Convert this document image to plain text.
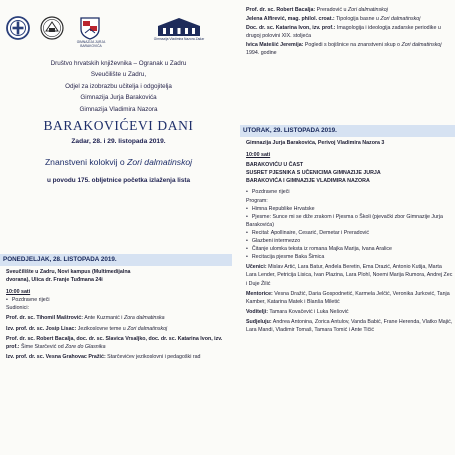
GIMNAZIJA JURJA BARAKOVIĆA
Gimnazija Vladimira Nazora Zadar
Društvo hrvatskih književnika – Ogranak u Zadru
Sveučilište u Zadru,
Odjel za izobrazbu učitelja i odgojitelja
Gimnazija Jurja Barakovića
Gimnazija Vladimira Nazora
BARAKOVIĆEVI DANI
Zadar, 28. i 29. listopada 2019.
Znanstveni kolokvij o Zori dalmatinskoj
u povodu 175. obljetnice početka izlaženja lista
PONEDJELJAK, 28. LISTOPADA 2019.
Sveučilište u Zadru, Novi kampus (Multimedijalna
dvorana), Ulica dr. Franje Tuđmana 24i
10:00 sati
• Pozdravne riječi
Sudionici:
Prof. dr. sc. Tihomil Maštrović: Ante Kuzmanić i Zora dalmatinska
Izv. prof. dr. sc. Josip Lisac: Jezikoslovne teme u Zori dalmatinskoj
Prof. dr. sc. Robert Bacalja, doc. dr. sc. Slavica Vrsaljko, doc. dr. sc. Katarina Ivon, izv. prof.: Šime Starčević od Zore do Glasnika
Izv. prof. dr. sc. Vesna Grahovac Pražić: Starčevićev jezikoslovni i pedagoški rad
Prof. dr. sc. Robert Bacalja: Preradović u Zori dalmatinskoj
Jelena Alfirević, mag. philol. croat.: Tipologija basne u Zori dalmatinskoj
Doc. dr. sc. Katarina Ivon, izv. prof.: Imagologija i ideologija zadarske periodike u drugoj polovini XIX. stoljeća
Ivica Matešić Jeremija: Pogledi s bojišnice na znanstveni skup o Zori dalmatinskoj 1994. godine
UTORAK, 29. LISTOPADA 2019.
Gimnazija Jurja Barakovića, Perivoj Vladimira Nazora 3
10:00 sati
BARAKOVIĆU U ČAST
SUSRET PJESNIKA S UČENICIMA GIMNAZIJE JURJA
BARAKOVIĆA I GIMNAZIJE VLADIMIRA NAZORA
• Pozdravne riječi
Program:
• Himna Republike Hrvatske
• Pjesme: Sunce mi se diže zrakom i Pjesma o Školi (pjevački zbor Gimnazije Jurja Barakovića)
• Recital: Apollinaire, Cesarić, Demetar i Preradović
• Glazbeni intermezzo
• Čitanje ulomka teksta iz romana Majka Marija, Ivana Aralice
• Recitacija pjesme Baka Šimica
Učenici: Mislav Artić, Lara Batur, Anđela Beretin, Ema Drazić, Antonio Kutija, Marta Lara Lender, Petricija Lisica, Ivan Plazina, Lara Plohl, Noemi Marija Rumora, Andrej Zec i Duje Žilić
Mentorice: Vesna Dražić, Daria Gospodnetić, Karmela Jelčić, Veronika Jurković, Tanja Kamber, Katarina Matek i Blanša Miletić
Voditelji: Tamara Kovačević i Luka Nešović
Sudjeluju: Andrea Antonina, Zorica Antulov, Vanda Babić, Frane Herenda, Vlatko Majić, Lara Mandi, Vladimir Tomaš, Tamara Tomić i Ante Tičić
